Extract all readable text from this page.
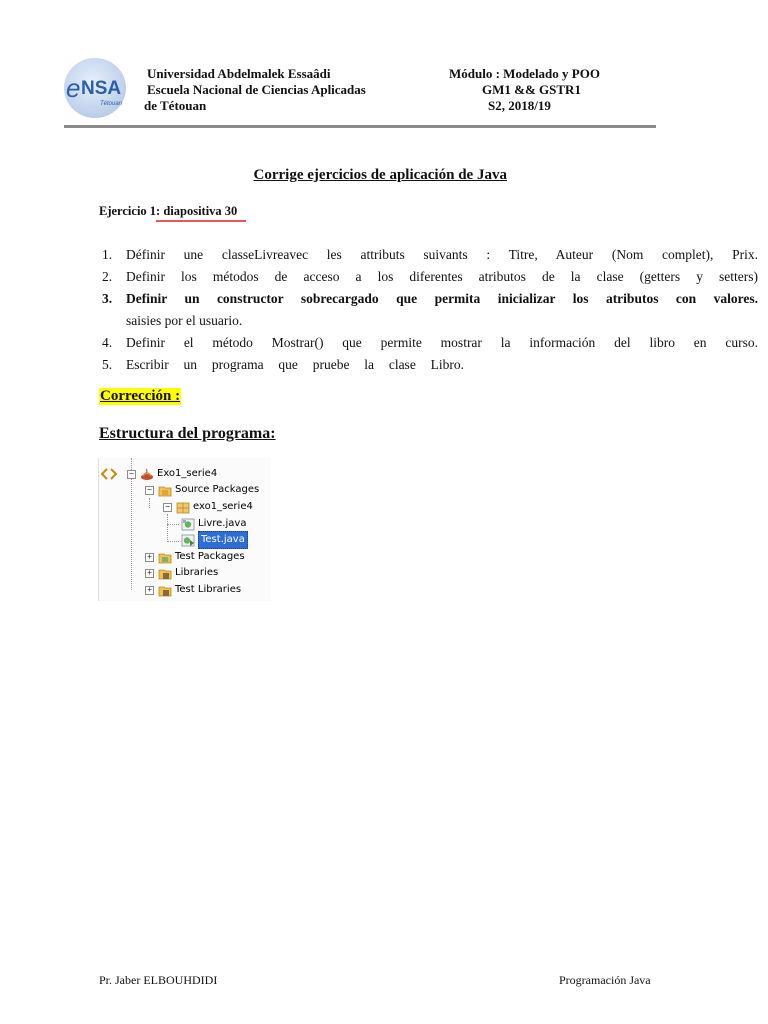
e NSA
Tétouan
Universidad Abdelmalek Essaâdi
Escuela Nacional de Ciencias Aplicadas
de Tétouan
Módulo : Modelado y POO
GM1 && GSTR1
S2, 2018/19
Corrige ejercicios de aplicación de Java
Ejercicio 1: diapositiva 30
1.	Définir une classeLivreavec les attributs suivants : Titre, Auteur (Nom complet), Prix.
2.	Definir los métodos de acceso a los diferentes atributos de la clase (getters y setters)
3.	Definir un constructor sobrecargado que permita inicializar los atributos con valores.
saisies por el usuario.
4.	Definir el método Mostrar() que permite mostrar la información del libro en curso.
5.	Escribir un programa que pruebe la clase Libro.
Corrección :
Estructura del programa:
− Exo1_serie4
− Source Packages
− exo1_serie4
Livre.java
Test.java
+ Test Packages
+ Libraries
+ Test Libraries
Pr. Jaber ELBOUHDIDI	Programación Java
